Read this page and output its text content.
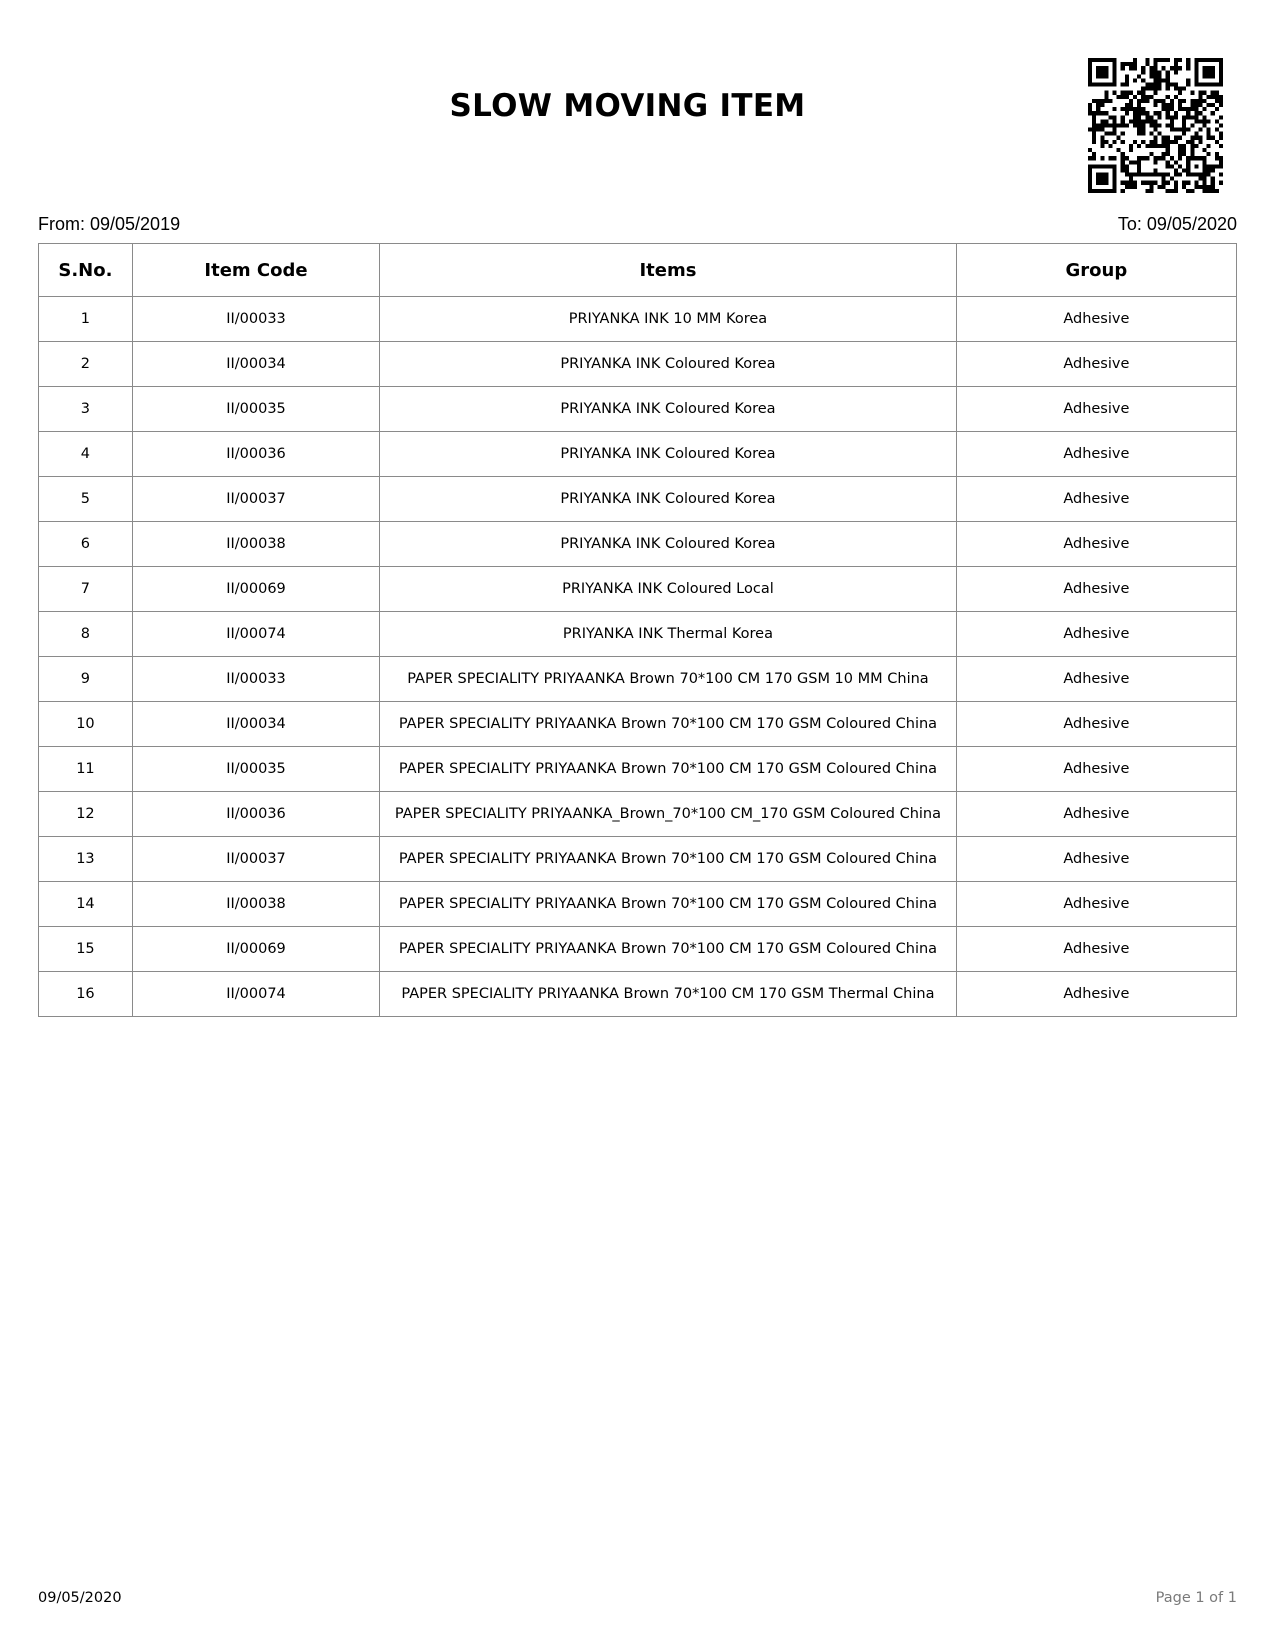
SLOW MOVING ITEM
From: 09/05/2019	To: 09/05/2020
S.No.	Item Code	Items	Group
1	II/00033	PRIYANKA INK 10 MM Korea	Adhesive
2	II/00034	PRIYANKA INK Coloured Korea	Adhesive
3	II/00035	PRIYANKA INK Coloured Korea	Adhesive
4	II/00036	PRIYANKA INK Coloured Korea	Adhesive
5	II/00037	PRIYANKA INK Coloured Korea	Adhesive
6	II/00038	PRIYANKA INK Coloured Korea	Adhesive
7	II/00069	PRIYANKA INK Coloured Local	Adhesive
8	II/00074	PRIYANKA INK Thermal Korea	Adhesive
9	II/00033	PAPER SPECIALITY PRIYAANKA Brown 70*100 CM 170 GSM 10 MM China	Adhesive
10	II/00034	PAPER SPECIALITY PRIYAANKA Brown 70*100 CM 170 GSM Coloured China	Adhesive
11	II/00035	PAPER SPECIALITY PRIYAANKA Brown 70*100 CM 170 GSM Coloured China	Adhesive
12	II/00036	PAPER SPECIALITY PRIYAANKA_Brown_70*100 CM_170 GSM Coloured China	Adhesive
13	II/00037	PAPER SPECIALITY PRIYAANKA Brown 70*100 CM 170 GSM Coloured China	Adhesive
14	II/00038	PAPER SPECIALITY PRIYAANKA Brown 70*100 CM 170 GSM Coloured China	Adhesive
15	II/00069	PAPER SPECIALITY PRIYAANKA Brown 70*100 CM 170 GSM Coloured China	Adhesive
16	II/00074	PAPER SPECIALITY PRIYAANKA Brown 70*100 CM 170 GSM Thermal China	Adhesive
09/05/2020	Page 1 of 1
